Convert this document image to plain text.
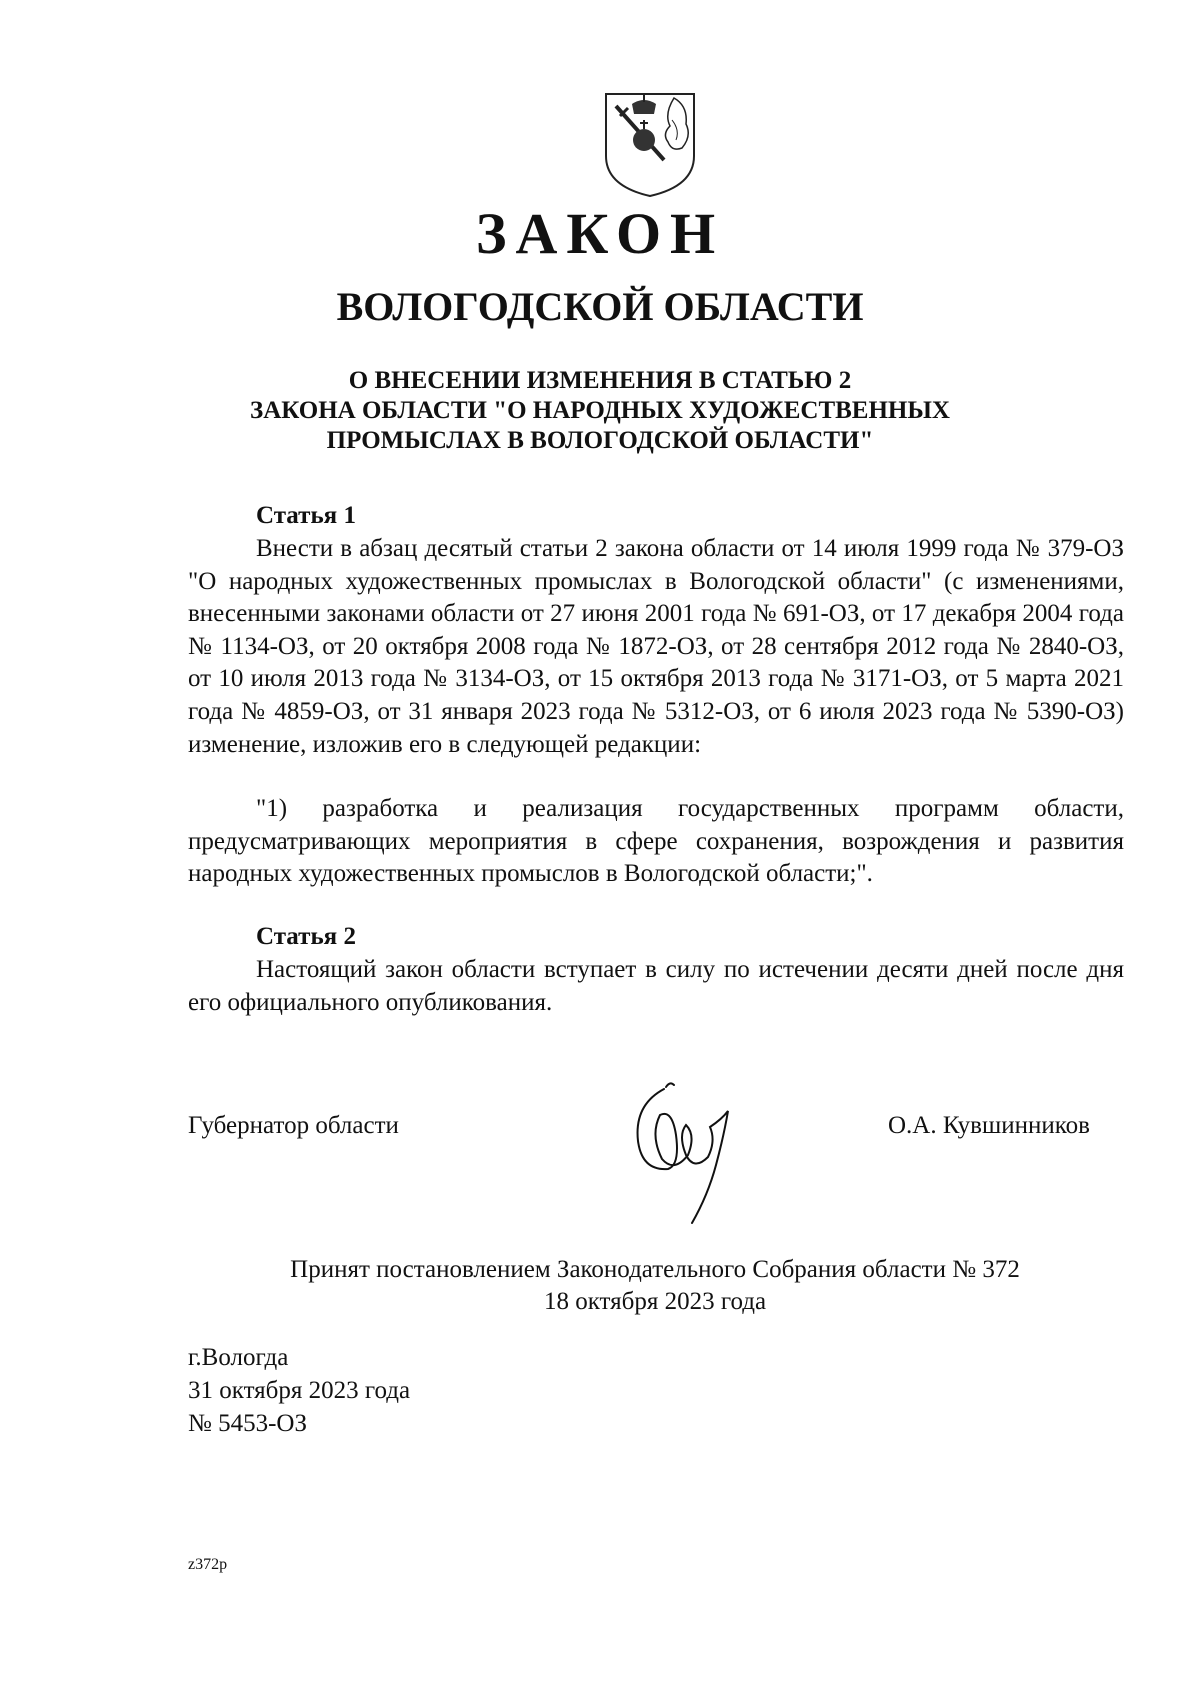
ЗАКОН
ВОЛОГОДСКОЙ ОБЛАСТИ
О ВНЕСЕНИИ ИЗМЕНЕНИЯ В СТАТЬЮ 2
ЗАКОНА ОБЛАСТИ "О НАРОДНЫХ ХУДОЖЕСТВЕННЫХ
ПРОМЫСЛАХ В ВОЛОГОДСКОЙ ОБЛАСТИ"
Статья 1
Внести в абзац десятый статьи 2 закона области от 14 июля 1999 года № 379-ОЗ "О народных художественных промыслах в Вологодской области" (с изменениями, внесенными законами области от 27 июня 2001 года № 691-ОЗ, от 17 декабря 2004 года № 1134-ОЗ, от 20 октября 2008 года № 1872-ОЗ, от 28 сентября 2012 года № 2840-ОЗ, от 10 июля 2013 года № 3134-ОЗ, от 15 октября 2013 года № 3171-ОЗ, от 5 марта 2021 года № 4859-ОЗ, от 31 января 2023 года № 5312-ОЗ, от 6 июля 2023 года № 5390-ОЗ) изменение, изложив его в следующей редакции:
"1) разработка и реализация государственных программ области, предусматривающих мероприятия в сфере сохранения, возрождения и развития народных художественных промыслов в Вологодской области;".
Статья 2
Настоящий закон области вступает в силу по истечении десяти дней после дня его официального опубликования.
Губернатор области	О.А. Кувшинников
Принят постановлением Законодательного Собрания области № 372
18 октября 2023 года
г.Вологда
31 октября 2023 года
№ 5453-ОЗ
z372p
